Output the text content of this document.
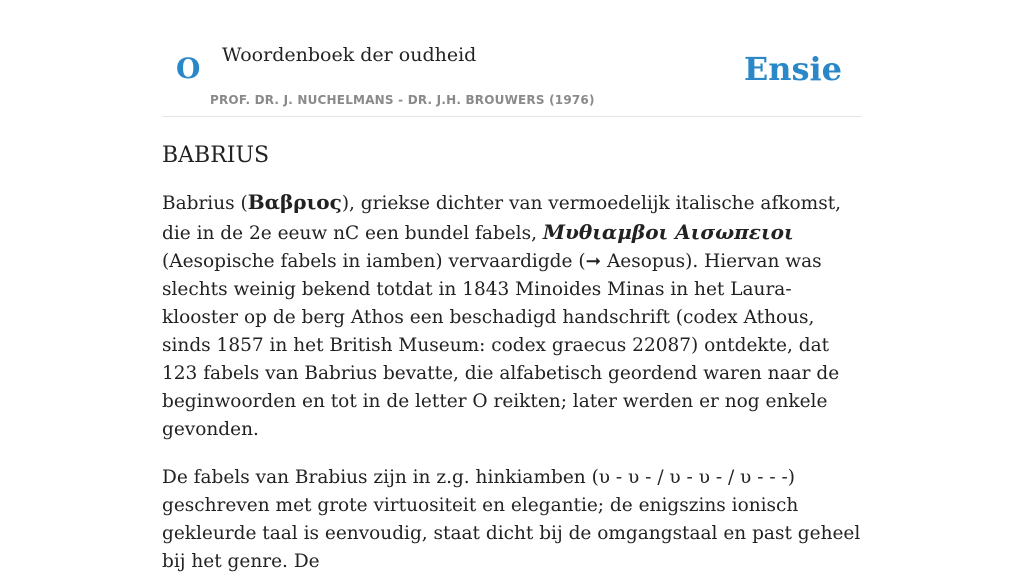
O Woordenboek der oudheid
PROF. DR. J. NUCHELMANS - DR. J.H. BROUWERS (1976)
Ensie
BABRIUS

Babrius (Βαβριος), griekse dichter van vermoedelijk italische afkomst, die in de 2e eeuw nC een bundel fabels, Μυθιαμβοι Αισωπειοι (Aesopische fabels in iamben) vervaardigde (➞ Aesopus). Hiervan was slechts weinig bekend totdat in 1843 Minoides Minas in het Laura-klooster op de berg Athos een beschadigd handschrift (codex Athous, sinds 1857 in het British Museum: codex graecus 22087) ontdekte, dat 123 fabels van Babrius bevatte, die alfabetisch geordend waren naar de beginwoorden en tot in de letter O reikten; later werden er nog enkele gevonden.

De fabels van Brabius zijn in z.g. hinkiamben (υ - υ - / υ - υ - / υ - - -) geschreven met grote virtuositeit en elegantie; de enigszins ionisch gekleurde taal is eenvoudig, staat dicht bij de omgangstaal en past geheel bij het genre. De
